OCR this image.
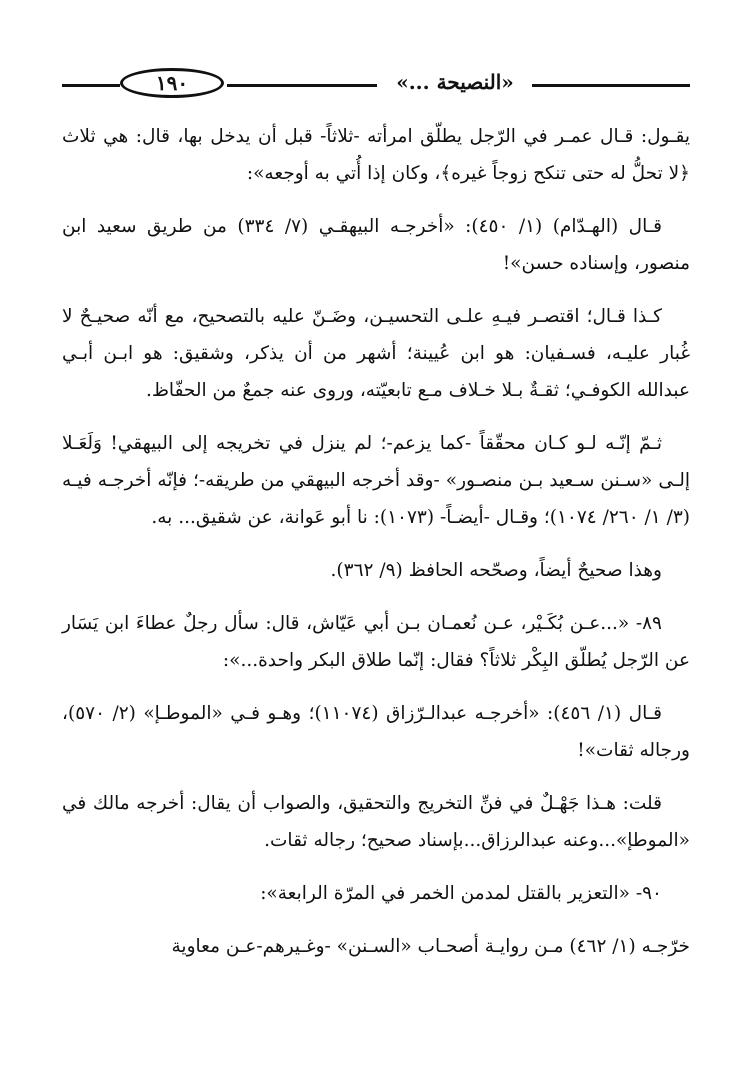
١٩٠	«النصيحة ...»

يقـول: قـال عمـر في الرّجل يطلّق امرأته -ثلاثاً- قبل أن يدخل بها، قال: هي ثلاث ﴿لا تحلُّ له حتى تنكح زوجاً غيره﴾، وكان إذا أُتي به أوجعه»:

قـال (الهـدّام) (١/ ٤٥٠): «أخرجـه البيهقـي (٧/ ٣٣٤) من طريق سعيد ابن منصور، وإسناده حسن»!

كـذا قـال؛ اقتصـر فيـهِ علـى التحسيـن، وضَـنّ عليه بالتصحيح، مع أنّه صحيـحٌ لا غُبار عليـه، فسـفيان: هو ابن عُيينة؛ أشهر من أن يذكر، وشقيق: هو ابـن أبـي عبدالله الكوفـي؛ ثقـةٌ بـلا خـلاف مـع تابعيّته، وروى عنه جمعٌ من الحفّاظ.

ثـمّ إنّـه لـو كـان محقّقاً -كما يزعم-؛ لم ينزل في تخريجه إلى البيهقي! وَلَعَـلا إلـى «سـنن سـعيد بـن منصـور» -وقد أخرجه البيهقي من طريقه-؛ فإنّه أخرجـه فيـه (٣/ ١/ ٢٦٠/ ١٠٧٤)؛ وقـال -أيضـاً- (١٠٧٣): نا أبو عَوانة، عن شقيق... به.

وهذا صحيحٌ أيضاً، وصحّحه الحافظ (٩/ ٣٦٢).

٨٩- «...عـن بُكَـيْر، عـن نُعمـان بـن أبي عَيّاش، قال: سأل رجلٌ عطاءَ ابن يَسَار عن الرّجل يُطلّق البِكْر ثلاثاً؟ فقال: إنّما طلاق البكر واحدة...»:

قـال (١/ ٤٥٦): «أخرجـه عبدالـرّزاق (١١٠٧٤)؛ وهـو فـي «الموطـإ» (٢/ ٥٧٠)، ورجاله ثقات»!

قلت: هـذا جَهْـلٌ في فنِّ التخريج والتحقيق، والصواب أن يقال: أخرجه مالك في «الموطإ»...وعنه عبدالرزاق...بإسناد صحيح؛ رجاله ثقات.

٩٠- «التعزير بالقتل لمدمن الخمر في المرّة الرابعة»:

خرّجـه (١/ ٤٦٢) مـن روايـة أصحـاب «السـنن» -وغـيرهم-عـن معاوية
